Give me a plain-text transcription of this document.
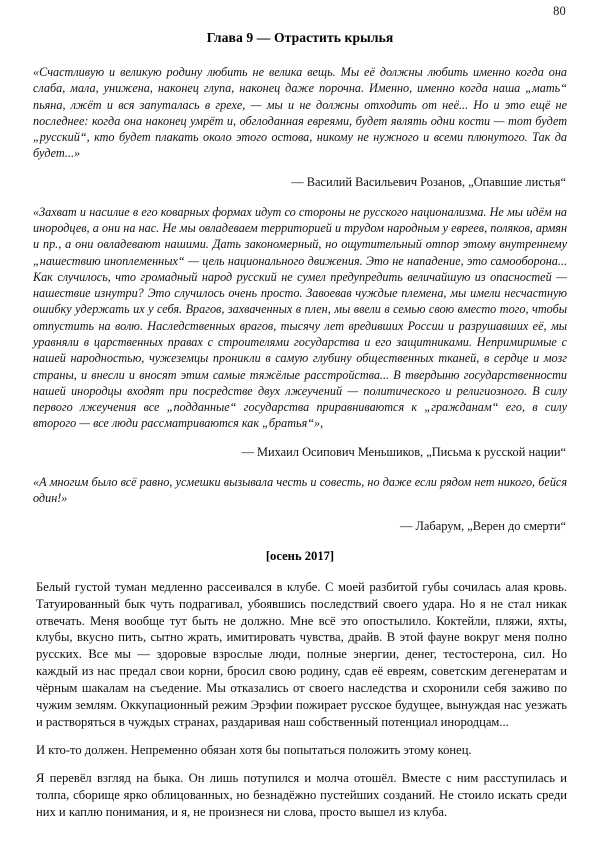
80
Глава 9 — Отрастить крылья

«Счастливую и великую родину любить не велика вещь. Мы её должны любить именно когда она слаба, мала, унижена, наконец глупа, наконец даже порочна. Именно, именно когда наша „мать“ пьяна, лжёт и вся запуталась в грехе, — мы и не должны отходить от неё... Но и это ещё не последнее: когда она наконец умрёт и, обглоданная евреями, будет являть одни кости — тот будет „русский“, кто будет плакать около этого остова, никому не нужного и всеми плюнутого. Так да будет...»

— Василий Васильевич Розанов, „Опавшие листья“

«Захват и насилие в его коварных формах идут со стороны не русского национализма. Не мы идём на инородцев, а они на нас. Не мы овладеваем территорией и трудом народным у евреев, поляков, армян и пр., а они овладевают нашими. Дать закономерный, но ощутительный отпор этому внутреннему „нашествию иноплеменных“ — цель национального движения. Это не нападение, это самооборона... Как случилось, что громадный народ русский не сумел предупредить величайшую из опасностей — нашествие изнутри? Это случилось очень просто. Завоевав чуждые племена, мы имели несчастную ошибку удержать их у себя. Врагов, захваченных в плен, мы ввели в семью свою вместо того, чтобы отпустить на волю. Наследственных врагов, тысячу лет вредивших России и разрушавших её, мы уравняли в царственных правах с строителями государства и его защитниками. Непримиримые с нашей народностью, чужеземцы проникли в самую глубину общественных тканей, в сердце и мозг страны, и внесли и вносят этим самые тяжёлые расстройства... В твердыню государственности нашей инородцы входят при посредстве двух лжеучений — политического и религиозного. В силу первого лжеучения все „подданные“ государства приравниваются к „гражданам“ его, в силу второго — все люди рассматриваются как „братья“»,

— Михаил Осипович Меньшиков, „Письма к русской нации“

«А многим было всё равно, усмешки вызывала честь и совесть, но даже если рядом нет никого, бейся один!»

— Лабарум, „Верен до смерти“

[осень 2017]

Белый густой туман медленно рассеивался в клубе. С моей разбитой губы сочилась алая кровь. Татуированный бык чуть подрагивал, убоявшись последствий своего удара. Но я не стал никак отвечать. Меня вообще тут быть не должно. Мне всё это опостылило. Коктейли, пляжи, яхты, клубы, вкусно пить, сытно жрать, имитировать чувства, драйв. В этой фауне вокруг меня полно русских. Все мы — здоровые взрослые люди, полные энергии, денег, тестостерона, сил. Но каждый из нас предал свои корни, бросил свою родину, сдав её евреям, советским дегенератам и чёрным шакалам на съедение. Мы отказались от своего наследства и схоронили себя заживо по чужим землям. Оккупационный режим Эрэфии пожирает русское будущее, вынуждая нас уезжать и растворяться в чуждых странах, раздаривая наш собственный потенциал инородцам...

И кто-то должен. Непременно обязан хотя бы попытаться положить этому конец.

Я перевёл взгляд на быка. Он лишь потупился и молча отошёл. Вместе с ним расступилась и толпа, сборище ярко облицованных, но безнадёжно пустейших созданий. Не стоило искать среди них и каплю понимания, и я, не произнеся ни слова, просто вышел из клуба.
